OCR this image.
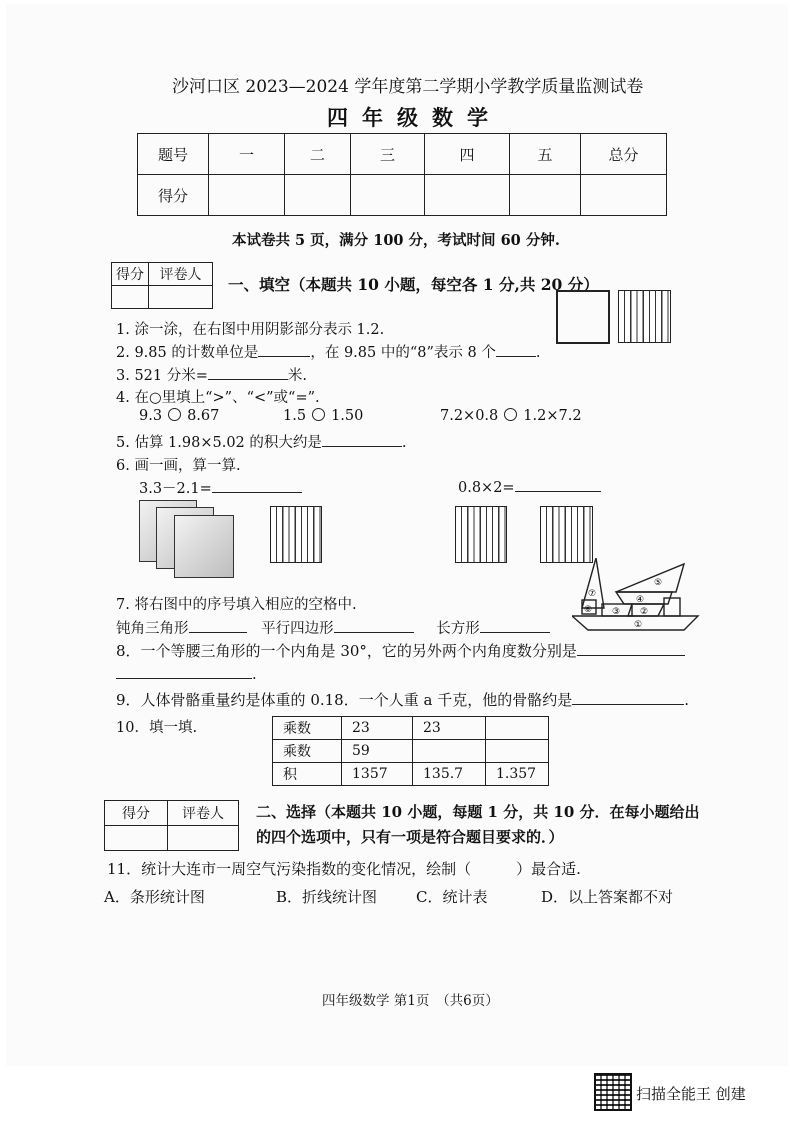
沙河口区 2023—2024 学年度第二学期小学教学质量监测试卷
四年级数学
题号	一	二	三	四	五	总分
得分						
本试卷共 5 页，满分 100 分，考试时间 60 分钟.
得分	评卷人
	一、填空（本题共 10 小题，每空各 1 分,共 20 分）
1. 涂一涂，在右图中用阴影部分表示 1.2.
2. 9.85 的计数单位是	，在 9.85 中的“8”表示 8 个	.
3. 521 分米=	米.
4. 在○里填上“>”、“<”或“=”.
9.3 8.67	1.5 1.50	7.2×0.8 1.2×7.2
5. 估算 1.98×5.02 的积大约是	.
6. 画一画，算一算.
3.3－2.1=	0.8×2=
⑦
⑥
⑤
④
③ ②
①
7. 将右图中的序号填入相应的空格中.
钝角三角形	平行四边形	长方形
8．一个等腰三角形的一个内角是 30°，它的另外两个内角度数分别是
.
9．人体骨骼重量约是体重的 0.18．一个人重 a 千克，他的骨骼约是	.
10．填一填.	乘数	23	23	
乘数	59		
积	1357	135.7	1.357
得分	评卷人
	二、选择（本题共 10 小题，每题 1 分，共 10 分．在每小题给出
的四个选项中，只有一项是符合题目要求的．）
11．统计大连市一周空气污染指数的变化情况，绘制（　　　）最合适.
A．条形统计图	B．折线统计图	C．统计表	D．以上答案都不对
四年级数学 第1页　（共6页）
扫描全能王 创建
